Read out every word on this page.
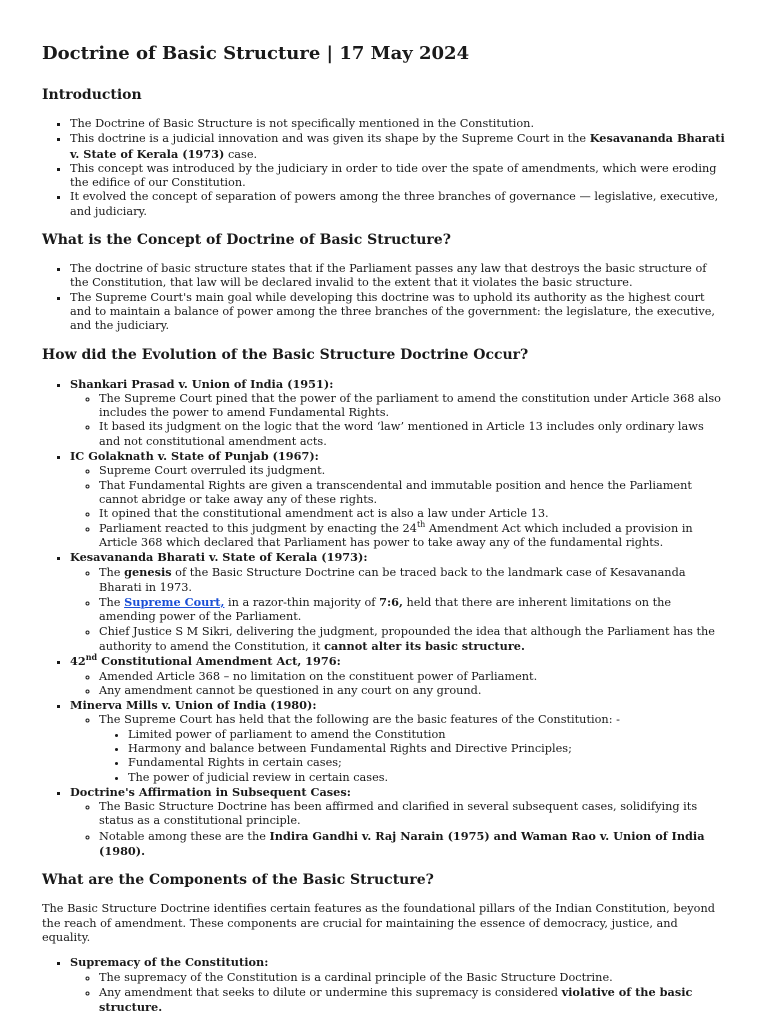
Doctrine of Basic Structure | 17 May 2024
Introduction
▪ The Doctrine of Basic Structure is not specifically mentioned in the Constitution.
▪ This doctrine is a judicial innovation and was given its shape by the Supreme Court in the Kesavananda Bharati v. State of Kerala (1973) case.
▪ This concept was introduced by the judiciary in order to tide over the spate of amendments, which were eroding the edifice of our Constitution.
▪ It evolved the concept of separation of powers among the three branches of governance — legislative, executive, and judiciary.
What is the Concept of Doctrine of Basic Structure?
▪ The doctrine of basic structure states that if the Parliament passes any law that destroys the basic structure of the Constitution, that law will be declared invalid to the extent that it violates the basic structure.
▪ The Supreme Court's main goal while developing this doctrine was to uphold its authority as the highest court and to maintain a balance of power among the three branches of the government: the legislature, the executive, and the judiciary.
How did the Evolution of the Basic Structure Doctrine Occur?
▪ Shankari Prasad v. Union of India (1951):
◦ The Supreme Court pined that the power of the parliament to amend the constitution under Article 368 also includes the power to amend Fundamental Rights.
◦ It based its judgment on the logic that the word ‘law’ mentioned in Article 13 includes only ordinary laws and not constitutional amendment acts.
▪ IC Golaknath v. State of Punjab (1967):
◦ Supreme Court overruled its judgment.
◦ That Fundamental Rights are given a transcendental and immutable position and hence the Parliament cannot abridge or take away any of these rights.
◦ It opined that the constitutional amendment act is also a law under Article 13.
◦ Parliament reacted to this judgment by enacting the 24th Amendment Act which included a provision in Article 368 which declared that Parliament has power to take away any of the fundamental rights.
▪ Kesavananda Bharati v. State of Kerala (1973):
◦ The genesis of the Basic Structure Doctrine can be traced back to the landmark case of Kesavananda Bharati in 1973.
◦ The Supreme Court, in a razor-thin majority of 7:6, held that there are inherent limitations on the amending power of the Parliament.
◦ Chief Justice S M Sikri, delivering the judgment, propounded the idea that although the Parliament has the authority to amend the Constitution, it cannot alter its basic structure.
▪ 42nd Constitutional Amendment Act, 1976:
◦ Amended Article 368 – no limitation on the constituent power of Parliament.
◦ Any amendment cannot be questioned in any court on any ground.
▪ Minerva Mills v. Union of India (1980):
◦ The Supreme Court has held that the following are the basic features of the Constitution: -
• Limited power of parliament to amend the Constitution
• Harmony and balance between Fundamental Rights and Directive Principles;
• Fundamental Rights in certain cases;
• The power of judicial review in certain cases.
▪ Doctrine's Affirmation in Subsequent Cases:
◦ The Basic Structure Doctrine has been affirmed and clarified in several subsequent cases, solidifying its status as a constitutional principle.
◦ Notable among these are the Indira Gandhi v. Raj Narain (1975) and Waman Rao v. Union of India (1980).
What are the Components of the Basic Structure?

The Basic Structure Doctrine identifies certain features as the foundational pillars of the Indian Constitution, beyond the reach of amendment. These components are crucial for maintaining the essence of democracy, justice, and equality.

▪ Supremacy of the Constitution:
◦ The supremacy of the Constitution is a cardinal principle of the Basic Structure Doctrine.
◦ Any amendment that seeks to dilute or undermine this supremacy is considered violative of the basic structure.
